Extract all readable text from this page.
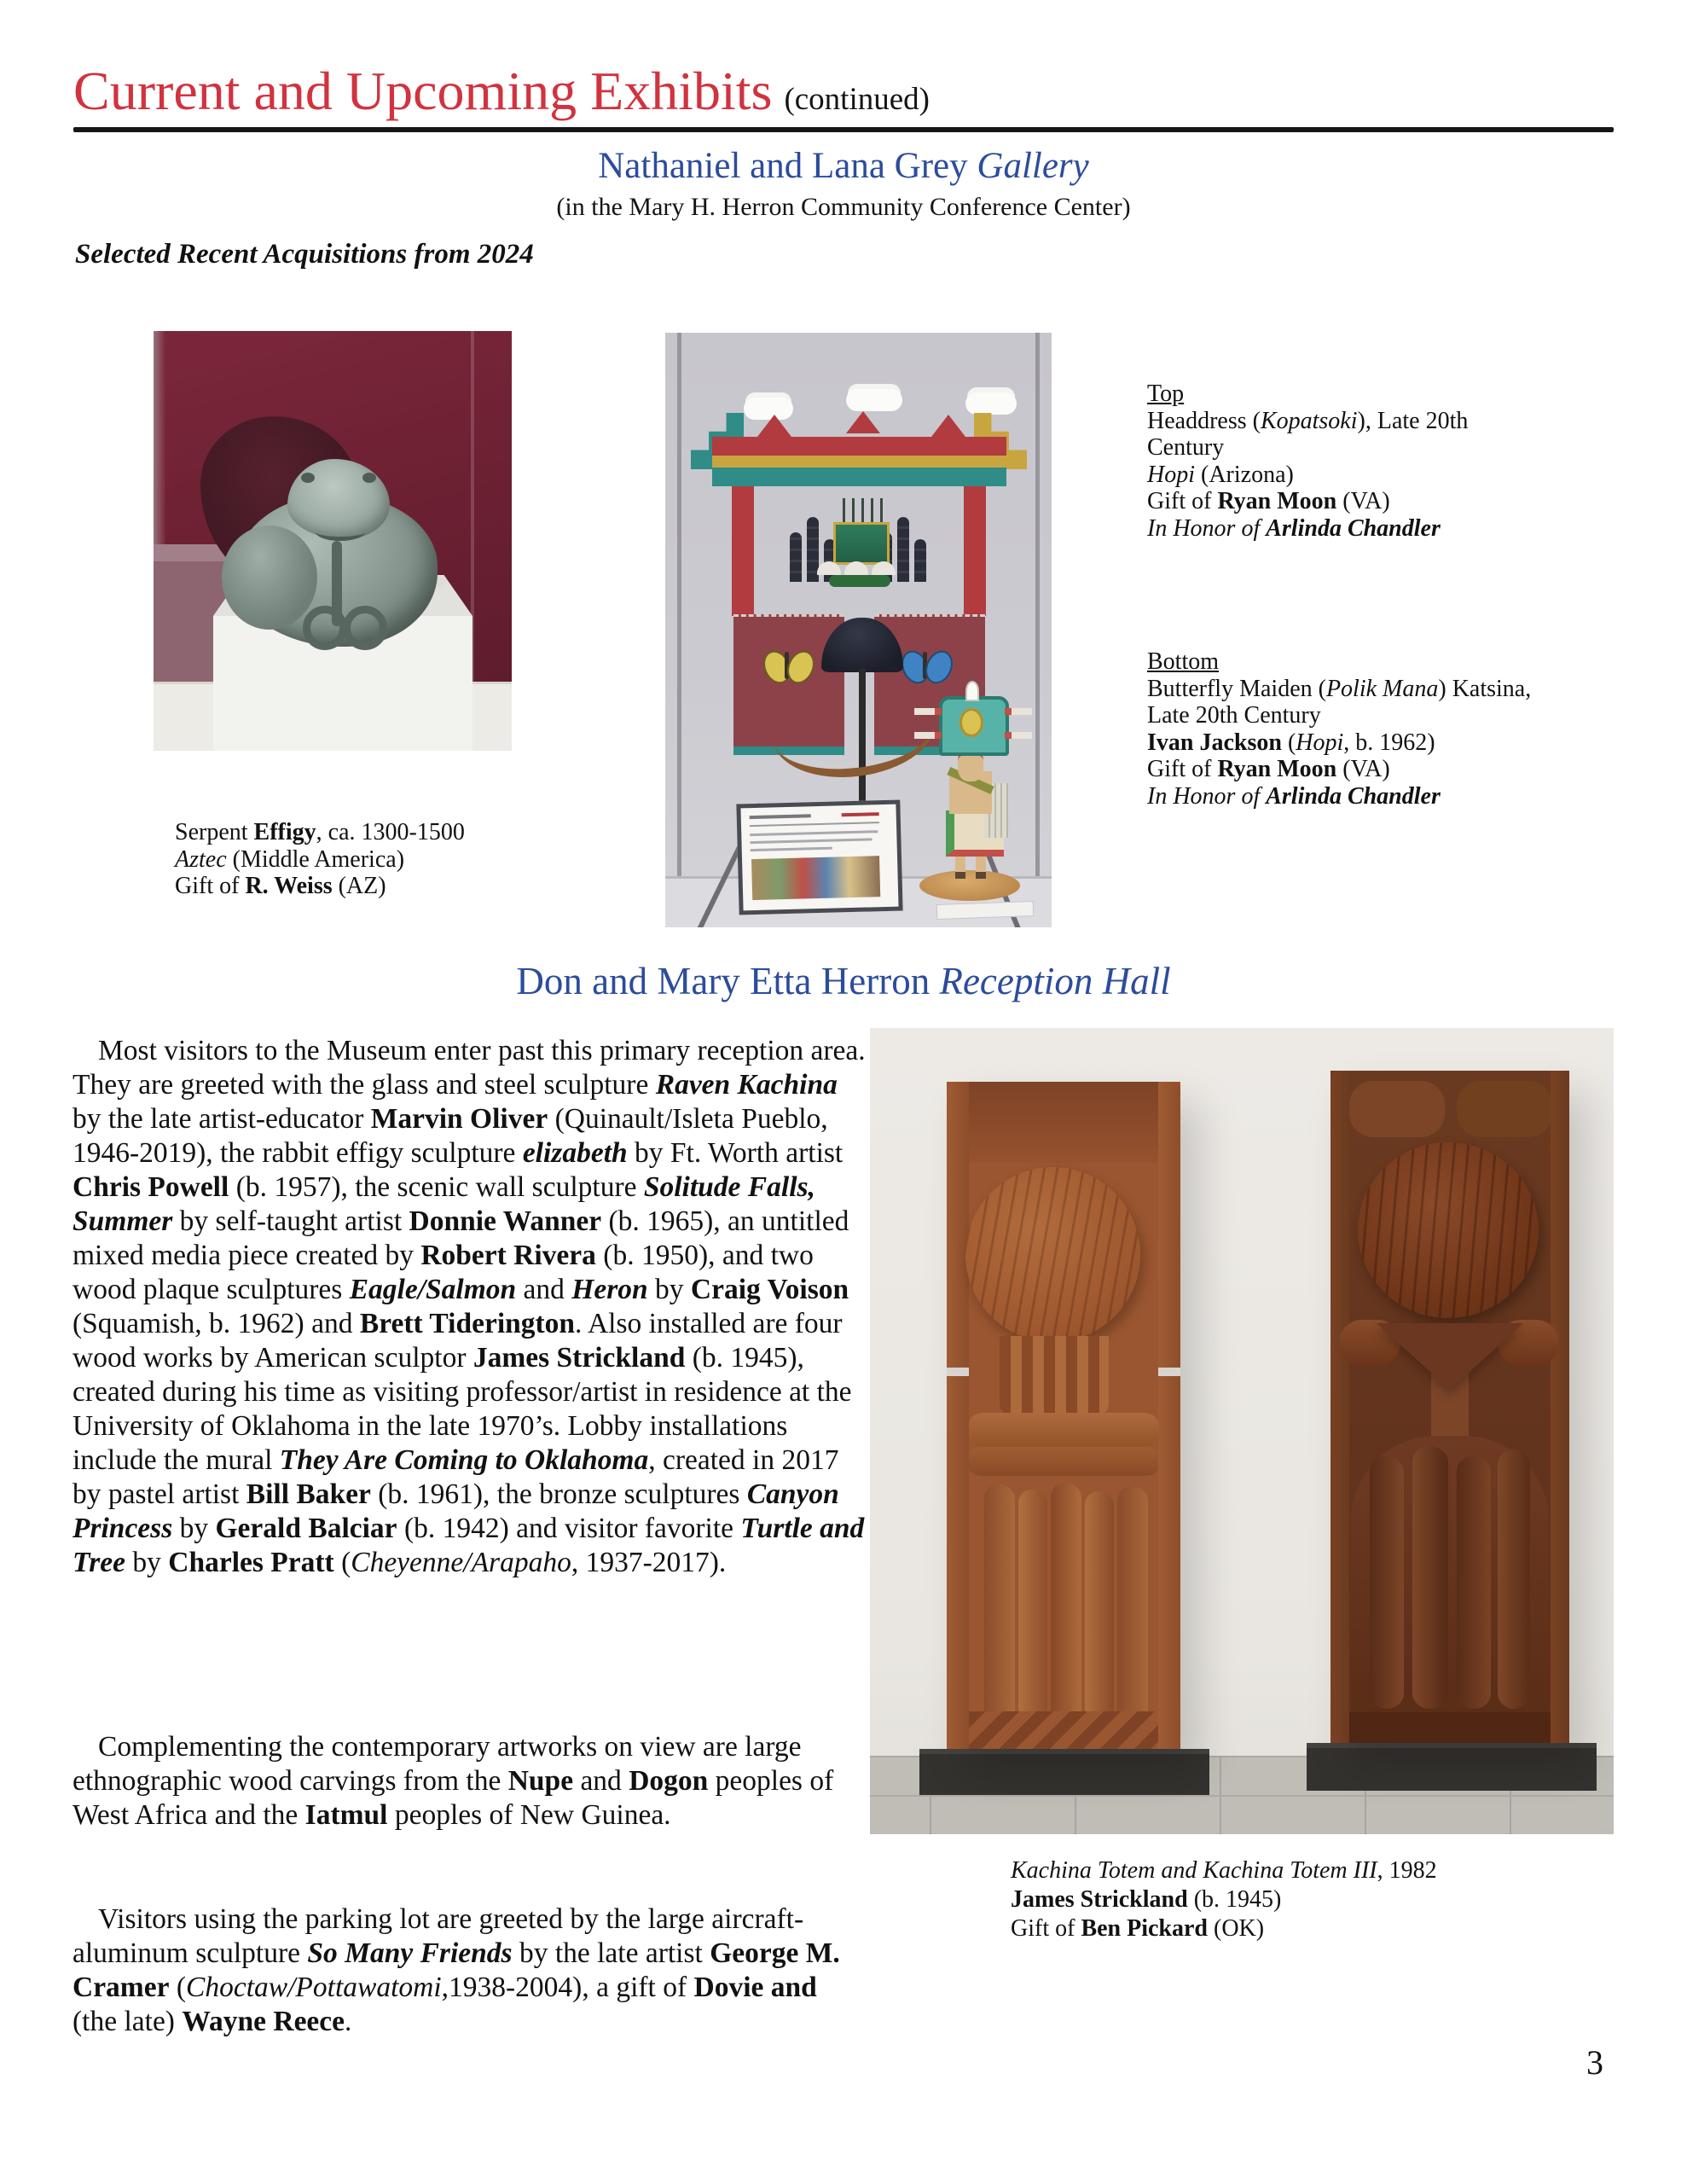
Current and Upcoming Exhibits (continued)
Nathaniel and Lana Grey Gallery
(in the Mary H. Herron Community Conference Center)
Selected Recent Acquisitions from 2024
Top
Headdress (Kopatsoki), Late 20th
Century
Hopi (Arizona)
Gift of Ryan Moon (VA)
In Honor of Arlinda Chandler
Bottom
Butterfly Maiden (Polik Mana) Katsina,
Late 20th Century
Ivan Jackson (Hopi, b. 1962)
Gift of Ryan Moon (VA)
In Honor of Arlinda Chandler
Serpent Effigy, ca. 1300-1500
Aztec (Middle America)
Gift of R. Weiss (AZ)
Don and Mary Etta Herron Reception Hall
Most visitors to the Museum enter past this primary reception area. They are greeted with the glass and steel sculpture Raven Kachina by the late artist-educator Marvin Oliver (Quinault/Isleta Pueblo, 1946-2019), the rabbit effigy sculpture elizabeth by Ft. Worth artist Chris Powell (b. 1957), the scenic wall sculpture Solitude Falls, Summer by self-taught artist Donnie Wanner (b. 1965), an untitled mixed media piece created by Robert Rivera (b. 1950), and two wood plaque sculptures Eagle/Salmon and Heron by Craig Voison (Squamish, b. 1962) and Brett Tiderington. Also installed are four wood works by American sculptor James Strickland (b. 1945), created during his time as visiting professor/artist in residence at the University of Oklahoma in the late 1970’s. Lobby installations include the mural They Are Coming to Oklahoma, created in 2017 by pastel artist Bill Baker (b. 1961), the bronze sculptures Canyon Princess by Gerald Balciar (b. 1942) and visitor favorite Turtle and Tree by Charles Pratt (Cheyenne/Arapaho, 1937-2017).
Complementing the contemporary artworks on view are large ethnographic wood carvings from the Nupe and Dogon peoples of West Africa and the Iatmul peoples of New Guinea.
Visitors using the parking lot are greeted by the large aircraft-aluminum sculpture So Many Friends by the late artist George M. Cramer (Choctaw/Pottawatomi,1938-2004), a gift of Dovie and (the late) Wayne Reece.
Kachina Totem and Kachina Totem III, 1982
James Strickland (b. 1945)
Gift of Ben Pickard (OK)
3
